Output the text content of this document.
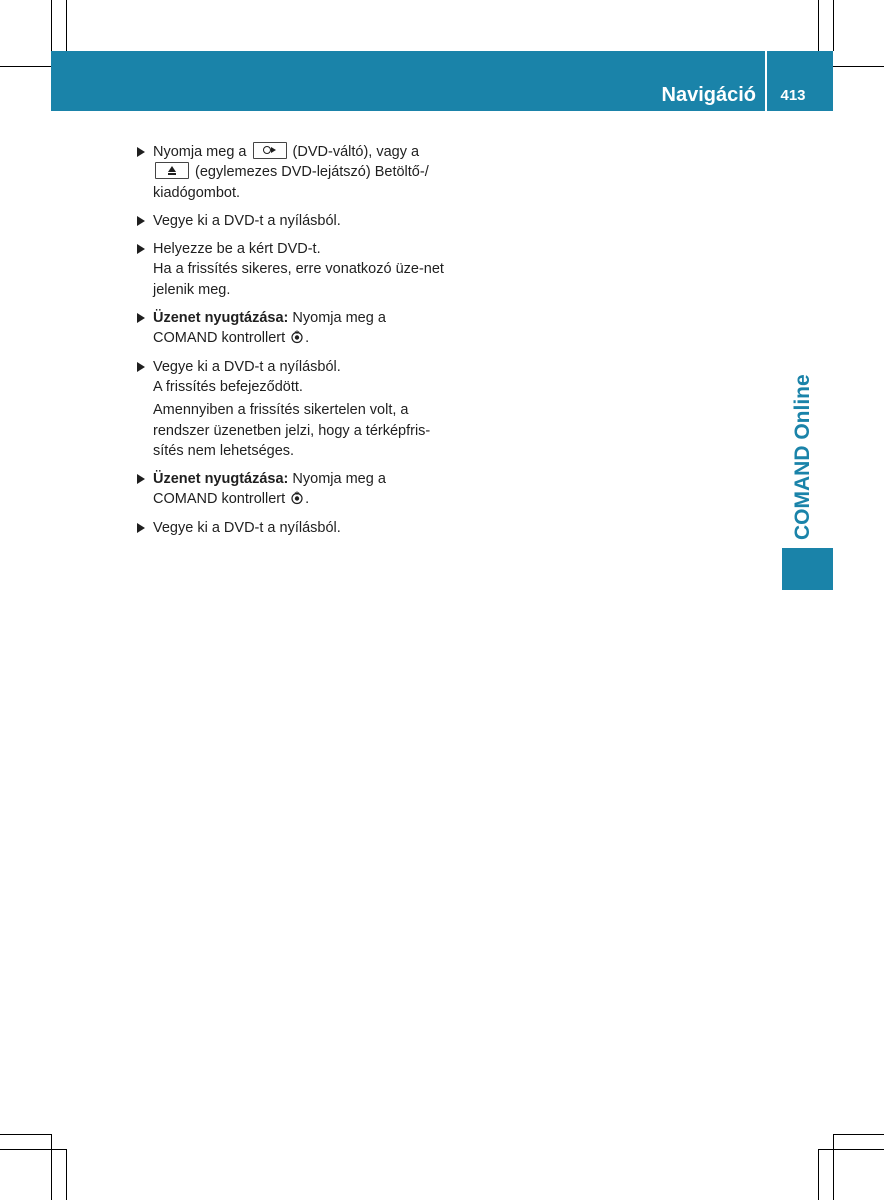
Navigáció	413
COMAND Online

Nyomja meg a	(DVD-váltó), vagy a
(egylemezes DVD-lejátszó) Betöltő-/
kiadógombot.

Vegye ki a DVD-t a nyílásból.

Helyezze be a kért DVD-t.

Ha a frissítés sikeres, erre vonatkozó üze-net jelenik meg.

Üzenet nyugtázása: Nyomja meg a
COMAND kontrollert .

Vegye ki a DVD-t a nyílásból.

A frissítés befejeződött.

Amennyiben a frissítés sikertelen volt, a rendszer üzenetben jelzi, hogy a térképfris-sítés nem lehetséges.

Üzenet nyugtázása: Nyomja meg a
COMAND kontrollert .

Vegye ki a DVD-t a nyílásból.
